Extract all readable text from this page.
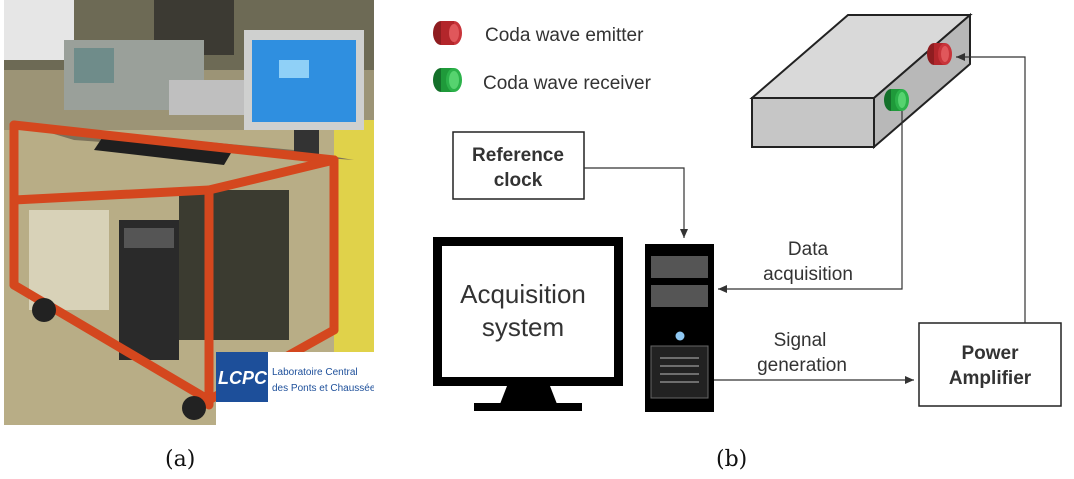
LCPC Laboratoire Central
des Ponts et Chaussées
(a)	(b)
Coda wave emitter
Coda wave receiver
Reference
clock
Acquisition
system
Power
Amplifier
Data
acquisition
Signal
generation
